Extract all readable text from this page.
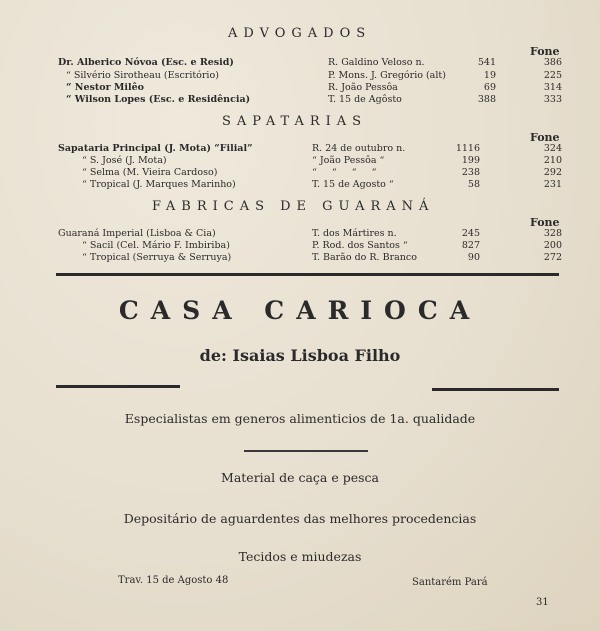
ADVOGADOS
Fone
Dr. Alberico Nóvoa (Esc. e Resid)	R. Galdino Veloso n.	541	386
“ Silvério Sirotheau (Escritório)	P. Mons. J. Gregório (alt)	19	225
“ Nestor Milêo	R. João Pessôa	69	314
“ Wilson Lopes (Esc. e Residência)	T. 15 de Agôsto	388	333
SAPATARIAS
Fone
Sapataria Principal (J. Mota) “Filial”	R. 24 de outubro n.	1116	324
“ S. José (J. Mota)	“ João Pessôa “	199	210
“ Selma (M. Vieira Cardoso)	“ “ “ “	238	292
“ Tropical (J. Marques Marinho)	T. 15 de Agosto “	58	231
FABRICAS DE GUARANÁ
Fone
Guaraná Imperial (Lisboa & Cia)	T. dos Mártires n.	245	328
“ Sacil (Cel. Mário F. Imbiriba)	P. Rod. dos Santos “	827	200
“ Tropical (Serruya & Serruya)	T. Barão do R. Branco	90	272
CASA CARIOCA
de: Isaias Lisboa Filho
Especialistas em generos alimenticios de 1a. qualidade
Material de caça e pesca
Depositário de aguardentes das melhores procedencias
Tecidos e miudezas
Trav. 15 de Agosto 48	Santarém Pará
31
